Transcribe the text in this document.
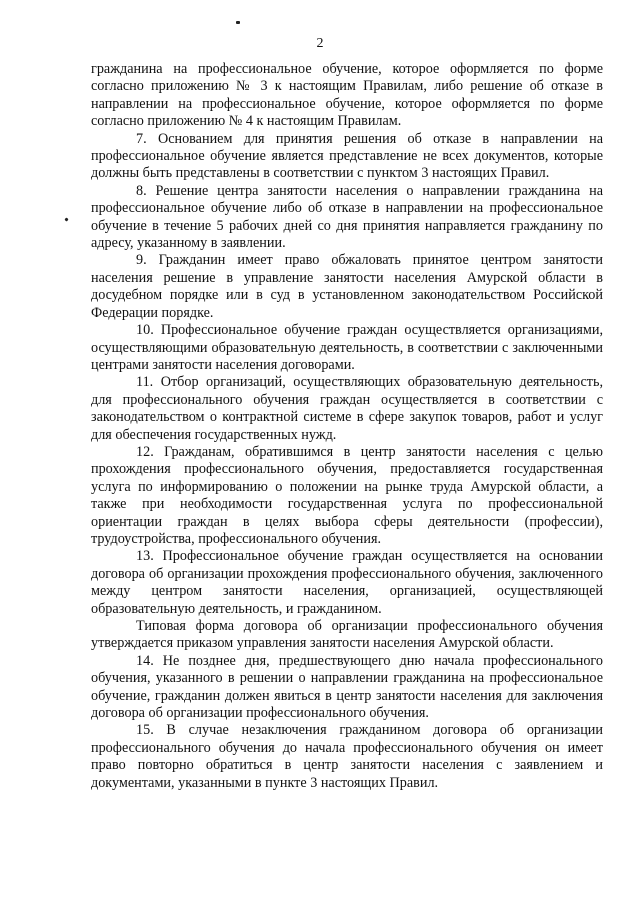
2

гражданина на профессиональное обучение, которое оформляется по форме согласно приложению № 3 к настоящим Правилам, либо решение об отказе в направлении на профессиональное обучение, которое оформляется по форме согласно приложению № 4 к настоящим Правилам.

7. Основанием для принятия решения об отказе в направлении на профессиональное обучение является представление не всех документов, которые должны быть представлены в соответствии с пунктом 3 настоящих Правил.

8. Решение центра занятости населения о направлении гражданина на профессиональное обучение либо об отказе в направлении на профессиональное обучение в течение 5 рабочих дней со дня принятия направляется гражданину по адресу, указанному в заявлении.

9. Гражданин имеет право обжаловать принятое центром занятости населения решение в управление занятости населения Амурской области в досудебном порядке или в суд в установленном законодательством Российской Федерации порядке.

10. Профессиональное обучение граждан осуществляется организациями, осуществляющими образовательную деятельность, в соответствии с заключенными центрами занятости населения договорами.

11. Отбор организаций, осуществляющих образовательную деятельность, для профессионального обучения граждан осуществляется в соответствии с законодательством о контрактной системе в сфере закупок товаров, работ и услуг для обеспечения государственных нужд.

12. Гражданам, обратившимся в центр занятости населения с целью прохождения профессионального обучения, предоставляется государственная услуга по информированию о положении на рынке труда Амурской области, а также при необходимости государственная услуга по профессиональной ориентации граждан в целях выбора сферы деятельности (профессии), трудоустройства, профессионального обучения.

13. Профессиональное обучение граждан осуществляется на основании договора об организации прохождения профессионального обучения, заключенного между центром занятости населения, организацией, осуществляющей образовательную деятельность, и гражданином.

Типовая форма договора об организации профессионального обучения утверждается приказом управления занятости населения Амурской области.

14. Не позднее дня, предшествующего дню начала профессионального обучения, указанного в решении о направлении гражданина на профессиональное обучение, гражданин должен явиться в центр занятости населения для заключения договора об организации профессионального обучения.

15. В случае незаключения гражданином договора об организации профессионального обучения до начала профессионального обучения он имеет право повторно обратиться в центр занятости населения с заявлением и документами, указанными в пункте 3 настоящих Правил.
